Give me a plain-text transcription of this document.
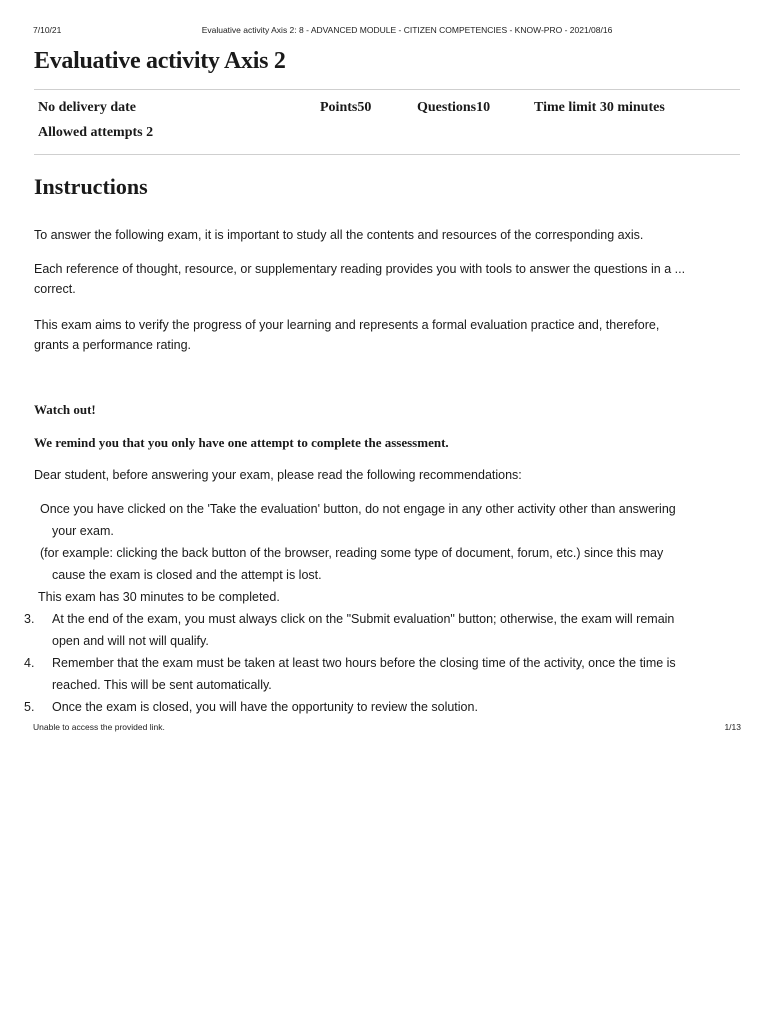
7/10/21	Evaluative activity Axis 2: 8 - ADVANCED MODULE - CITIZEN COMPETENCIES - KNOW-PRO - 2021/08/16
Evaluative activity Axis 2
No delivery date	Points50	Questions10	Time limit 30 minutes
Allowed attempts 2
Instructions

To answer the following exam, it is important to study all the contents and resources of the corresponding axis.

Each reference of thought, resource, or supplementary reading provides you with tools to answer the questions in a ... correct.

This exam aims to verify the progress of your learning and represents a formal evaluation practice and, therefore, grants a performance rating.

Watch out!

We remind you that you only have one attempt to complete the assessment.

Dear student, before answering your exam, please read the following recommendations:

Once you have clicked on the 'Take the evaluation' button, do not engage in any other activity other than answering your exam.
(for example: clicking the back button of the browser, reading some type of document, forum, etc.) since this may cause the exam is closed and the attempt is lost.
This exam has 30 minutes to be completed.
3. At the end of the exam, you must always click on the "Submit evaluation" button; otherwise, the exam will remain open and will not will qualify.
4. Remember that the exam must be taken at least two hours before the closing time of the activity, once the time is reached. This will be sent automatically.
5. Once the exam is closed, you will have the opportunity to review the solution.
Unable to access the provided link.	1/13
